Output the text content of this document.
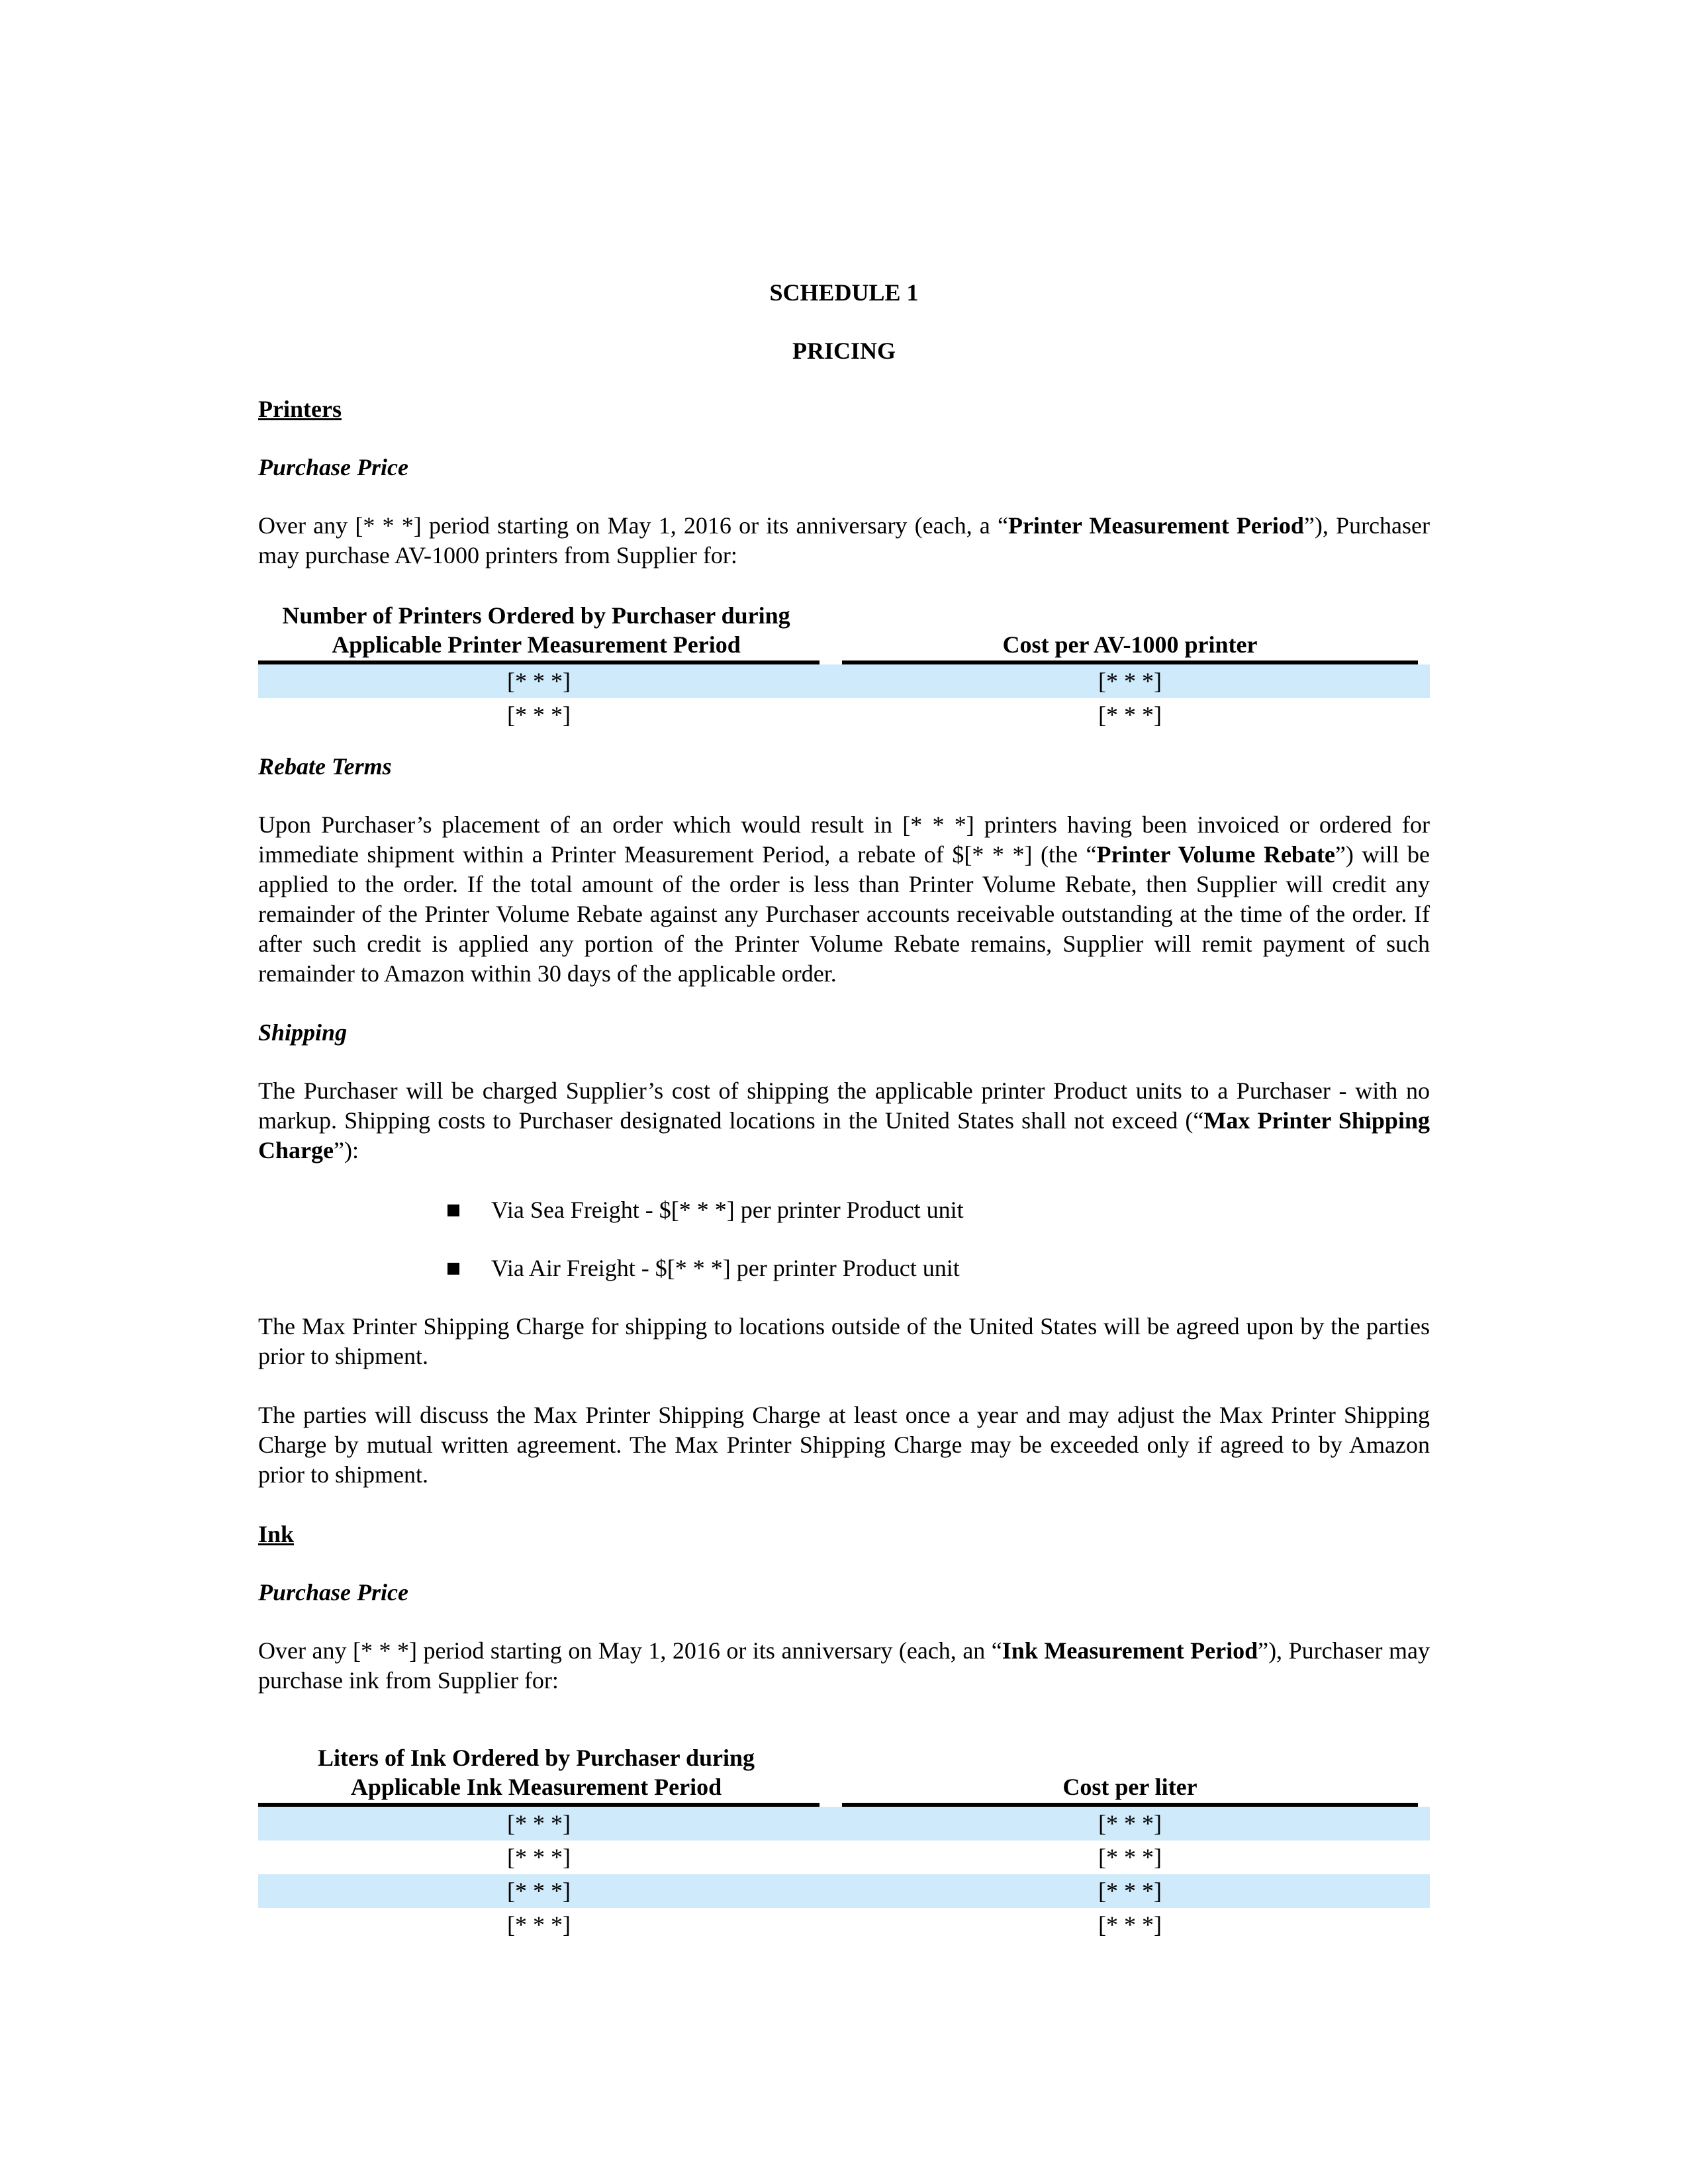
SCHEDULE 1
PRICING
Printers
Purchase Price
Over any [* * *] period starting on May 1, 2016 or its anniversary (each, a “Printer Measurement Period”), Purchaser may purchase AV-1000 printers from Supplier for:
Number of Printers Ordered by Purchaser during
Applicable Printer Measurement Period	Cost per AV-1000 printer
[* * *]	[* * *]
[* * *]	[* * *]
Rebate Terms
Upon Purchaser’s placement of an order which would result in [* * *] printers having been invoiced or ordered for immediate shipment within a Printer Measurement Period, a rebate of $[* * *] (the “Printer Volume Rebate”) will be applied to the order. If the total amount of the order is less than Printer Volume Rebate, then Supplier will credit any remainder of the Printer Volume Rebate against any Purchaser accounts receivable outstanding at the time of the order. If after such credit is applied any portion of the Printer Volume Rebate remains, Supplier will remit payment of such remainder to Amazon within 30 days of the applicable order.
Shipping
The Purchaser will be charged Supplier’s cost of shipping the applicable printer Product units to a Purchaser - with no markup. Shipping costs to Purchaser designated locations in the United States shall not exceed (“Max Printer Shipping Charge”):
Via Sea Freight - $[* * *] per printer Product unit
Via Air Freight - $[* * *] per printer Product unit
The Max Printer Shipping Charge for shipping to locations outside of the United States will be agreed upon by the parties prior to shipment.
The parties will discuss the Max Printer Shipping Charge at least once a year and may adjust the Max Printer Shipping Charge by mutual written agreement. The Max Printer Shipping Charge may be exceeded only if agreed to by Amazon prior to shipment.
Ink
Purchase Price
Over any [* * *] period starting on May 1, 2016 or its anniversary (each, an “Ink Measurement Period”), Purchaser may purchase ink from Supplier for:
Liters of Ink Ordered by Purchaser during
Applicable Ink Measurement Period	Cost per liter
[* * *]	[* * *]
[* * *]	[* * *]
[* * *]	[* * *]
[* * *]	[* * *]
